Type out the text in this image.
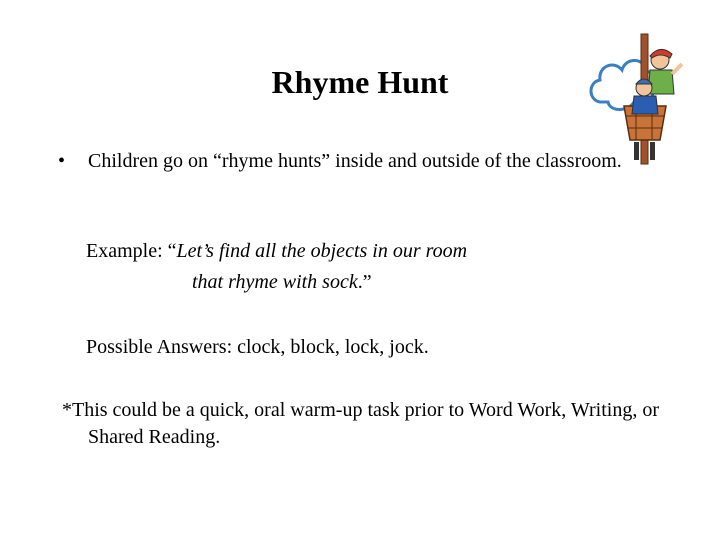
Rhyme Hunt
• Children go on “rhyme hunts” inside and outside of the classroom.
Example: “Let’s find all the objects in our room
that rhyme with sock.”
Possible Answers: clock, block, lock, jock.
*This could be a quick, oral warm-up task prior to Word Work, Writing, or Shared Reading.
